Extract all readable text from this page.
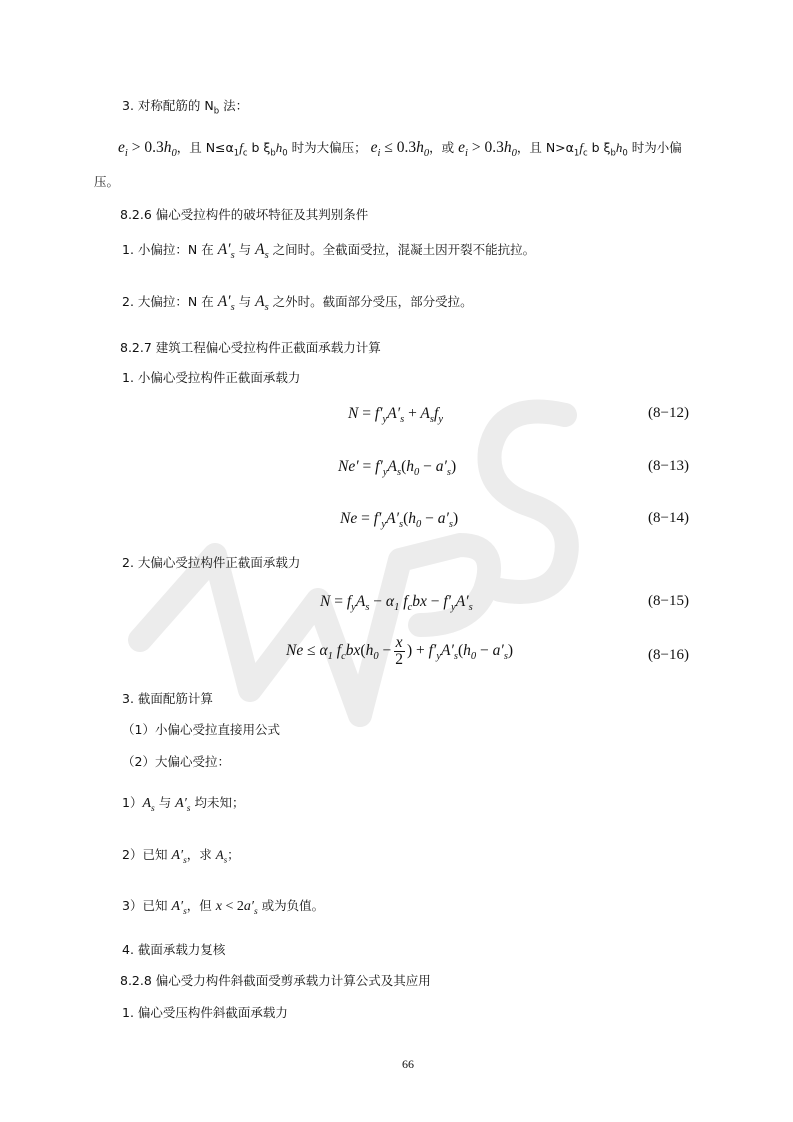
3. 对称配筋的 $N_b$ 法：
$e_i > 0.3h_0$，且 $N\le\alpha_1f_c$ b $\xi_bh_0$ 时为大偏压； $e_i \le 0.3h_0$，或 $e_i > 0.3h_0$，且 $N>\alpha_1f_c$ b $\xi_bh_0$ 时为小偏
压。
8.2.6 偏心受拉构件的破坏特征及其判别条件
1. 小偏拉：N 在 $A'_s$ 与 $A_s$ 之间时。全截面受拉，混凝土因开裂不能抗拉。
2. 大偏拉：N 在 $A'_s$ 与 $A_s$ 之外时。截面部分受压，部分受拉。
8.2.7 建筑工程偏心受拉构件正截面承载力计算
1. 小偏心受拉构件正截面承载力
$N = f'_yA'_s + A_sf_y$	(8−12)
$Ne' = f'_yA_s(h_0 - a'_s)$	(8−13)
$Ne = f'_yA'_s(h_0 - a'_s)$	(8−14)
2. 大偏心受拉构件正截面承载力
$N = f_yA_s - \alpha_1$ $f_cbx - f'_yA'_s$	(8−15)
$Ne \le \alpha_1$ $f_cbx(h_0 - \frac{x}{2}$ ) + $f'_yA'_s(h_0 - a'_s)$	(8−16)
3. 截面配筋计算
（1）小偏心受拉直接用公式
（2）大偏心受拉：
$1)A_s$ 与 $A'_s$ 均未知；
2）已知 $A'_s$，求 $A_s$；
3）已知 $A'_s$，但 $x < 2a'_s$ 或为负值。
4. 截面承载力复核
8.2.8 偏心受力构件斜截面受剪承载力计算公式及其应用
1. 偏心受压构件斜截面承载力
66
